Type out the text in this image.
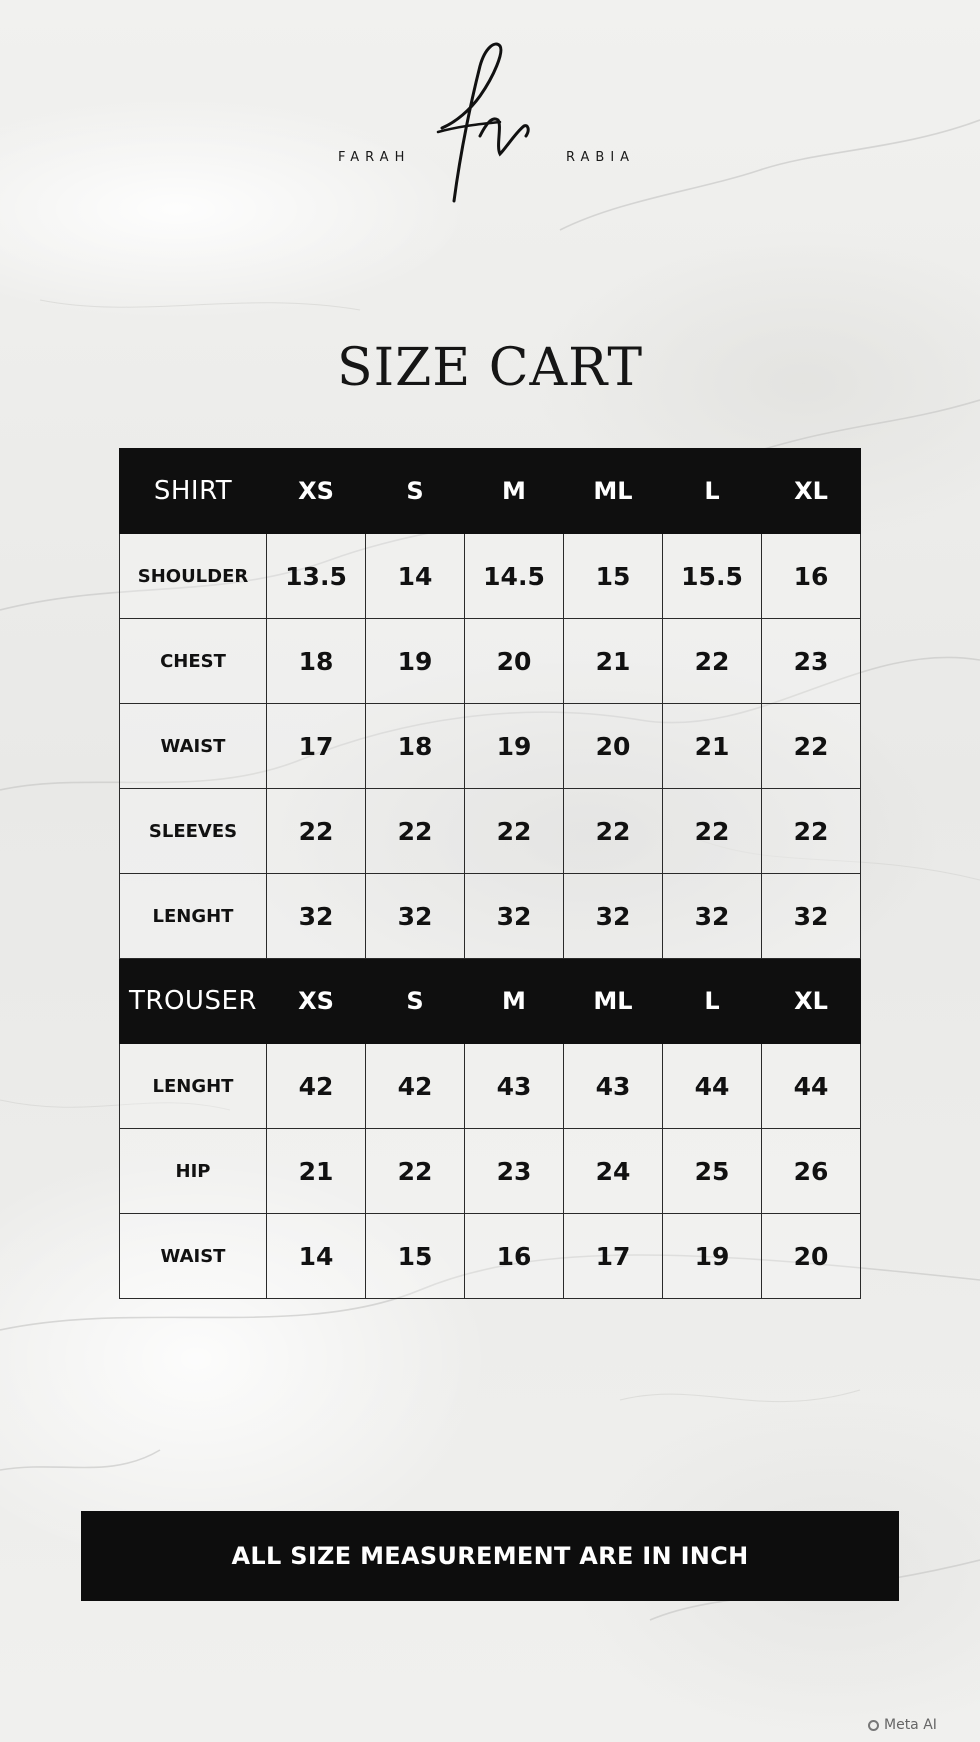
FARAH	RABIA
SIZE CART
SHIRT	XS	S	M	ML	L	XL
SHOULDER	13.5	14	14.5	15	15.5	16
CHEST	18	19	20	21	22	23
WAIST	17	18	19	20	21	22
SLEEVES	22	22	22	22	22	22
LENGHT	32	32	32	32	32	32
TROUSER	XS	S	M	ML	L	XL
LENGHT	42	42	43	43	44	44
HIP	21	22	23	24	25	26
WAIST	14	15	16	17	19	20
ALL SIZE MEASUREMENT ARE IN INCH
Meta AI
